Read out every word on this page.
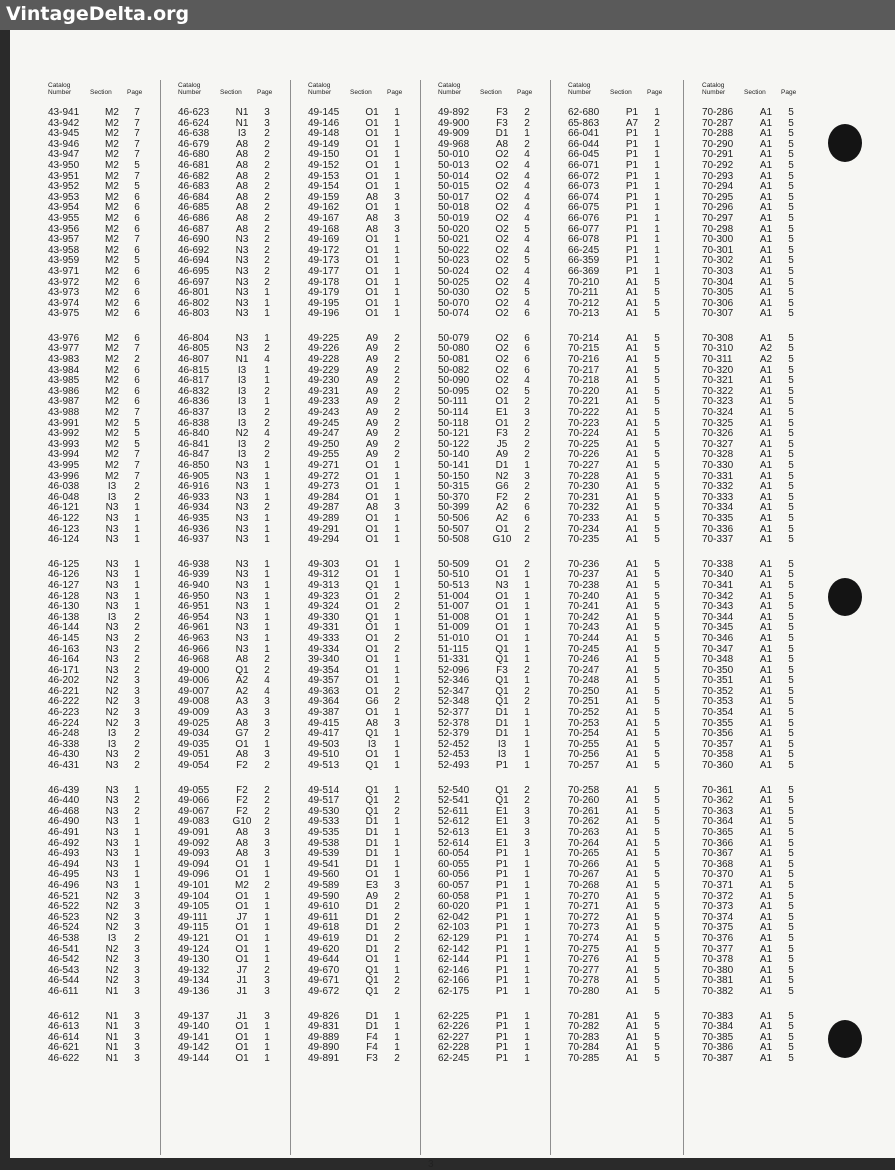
VintageDelta.org
Catalog Number	Section Page
43-941	M2	7
43-942	M2	7
43-945	M2	7
43-946	M2	7
43-947	M2	7
43-950	M2	5
43-951	M2	7
43-952	M2	5
43-953	M2	6
43-954	M2	6
43-955	M2	6
43-956	M2	6
43-957	M2	7
43-958	M2	6
43-959	M2	5
43-971	M2	6
43-972	M2	6
43-973	M2	6
43-974	M2	6
43-975	M2	6
43-976	M2	6
43-977	M2	7
43-983	M2	2
43-984	M2	6
43-985	M2	6
43-986	M2	6
43-987	M2	6
43-988	M2	7
43-991	M2	5
43-992	M2	5
43-993	M2	5
43-994	M2	7
43-995	M2	7
43-996	M2	7
46-038	I3	2
46-048	I3	2
46-121	N3	1
46-122	N3	1
46-123	N3	1
46-124	N3	1
46-125	N3	1
46-126	N3	1
46-127	N3	1
46-128	N3	1
46-130	N3	1
46-138	I3	2
46-144	N3	2
46-145	N3	2
46-163	N3	2
46-164	N3	2
46-171	N3	2
46-202	N2	3
46-221	N2	3
46-222	N2	3
46-223	N2	3
46-224	N2	3
46-248	I3	2
46-338	I3	2
46-430	N3	2
46-431	N3	2
46-439	N3	1
46-440	N3	2
46-468	N3	2
46-490	N3	1
46-491	N3	1
46-492	N3	1
46-493	N3	1
46-494	N3	1
46-495	N3	1
46-496	N3	1
46-521	N2	3
46-522	N2	3
46-523	N2	3
46-524	N2	3
46-538	I3	2
46-541	N2	3
46-542	N2	3
46-543	N2	3
46-544	N2	3
46-611	N1	3
46-612	N1	3
46-613	N1	3
46-614	N1	3
46-621	N1	3
46-622	N1	3
Catalog Number	Section Page
46-623	N1	3
46-624	N1	3
46-638	I3	2
46-679	A8	2
46-680	A8	2
46-681	A8	2
46-682	A8	2
46-683	A8	2
46-684	A8	2
46-685	A8	2
46-686	A8	2
46-687	A8	2
46-690	N3	2
46-692	N3	2
46-694	N3	2
46-695	N3	2
46-697	N3	2
46-801	N3	1
46-802	N3	1
46-803	N3	1
46-804	N3	1
46-805	N3	2
46-807	N1	4
46-815	I3	1
46-817	I3	1
46-832	I3	2
46-836	I3	1
46-837	I3	2
46-838	I3	2
46-840	N2	4
46-841	I3	2
46-847	I3	2
46-850	N3	1
46-905	N3	1
46-916	N3	1
46-933	N3	1
46-934	N3	2
46-935	N3	1
46-936	N3	1
46-937	N3	1
46-938	N3	1
46-939	N3	1
46-940	N3	1
46-950	N3	1
46-951	N3	1
46-954	N3	1
46-961	N3	1
46-963	N3	1
46-966	N3	1
46-968	A8	2
49-000	Q1	2
49-006	A2	4
49-007	A2	4
49-008	A3	3
49-009	A3	3
49-025	A8	3
49-034	G7	2
49-035	O1	1
49-051	A8	3
49-054	F2	2
49-055	F2	2
49-066	F2	2
49-067	F2	2
49-083	G10	2
49-091	A8	3
49-092	A8	3
49-093	A8	3
49-094	O1	1
49-096	O1	1
49-101	M2	2
49-104	O1	1
49-105	O1	1
49-111	J7	1
49-115	O1	1
49-121	O1	1
49-124	O1	1
49-130	O1	1
49-132	J7	2
49-134	J1	3
49-136	J1	3
49-137	J1	3
49-140	O1	1
49-141	O1	1
49-142	O1	1
49-144	O1	1
Catalog Number	Section Page
49-145	O1	1
49-146	O1	1
49-148	O1	1
49-149	O1	1
49-150	O1	1
49-152	O1	1
49-153	O1	1
49-154	O1	1
49-159	A8	3
49-162	O1	1
49-167	A8	3
49-168	A8	3
49-169	O1	1
49-172	O1	1
49-173	O1	1
49-177	O1	1
49-178	O1	1
49-179	O1	1
49-195	O1	1
49-196	O1	1
49-225	A9	2
49-226	A9	2
49-228	A9	2
49-229	A9	2
49-230	A9	2
49-231	A9	2
49-233	A9	2
49-243	A9	2
49-245	A9	2
49-247	A9	2
49-250	A9	2
49-255	A9	2
49-271	O1	1
49-272	O1	1
49-273	O1	1
49-284	O1	1
49-287	A8	3
49-289	O1	1
49-291	O1	1
49-294	O1	1
49-303	O1	1
49-312	O1	1
49-313	Q1	1
49-323	O1	2
49-324	O1	2
49-330	Q1	1
49-331	O1	1
49-333	O1	2
49-334	O1	2
39-340	O1	1
49-354	O1	1
49-357	O1	1
49-363	O1	2
49-364	G6	2
49-387	O1	1
49-415	A8	3
49-417	Q1	1
49-503	I3	1
49-510	O1	1
49-513	Q1	1
49-514	Q1	1
49-517	Q1	2
49-530	Q1	2
49-533	D1	1
49-535	D1	1
49-538	D1	1
49-539	D1	1
49-541	D1	1
49-560	O1	1
49-589	E3	3
49-590	A9	2
49-610	D1	2
49-611	D1	2
49-618	D1	2
49-619	D1	2
49-620	D1	2
49-644	O1	1
49-670	Q1	1
49-671	Q1	2
49-672	Q1	2
49-826	D1	1
49-831	D1	1
49-889	F4	1
49-890	F4	1
49-891	F3	2
Catalog Number	Section Page
49-892	F3	2
49-900	F3	2
49-909	D1	1
49-968	A8	2
50-010	O2	4
50-013	O2	4
50-014	O2	4
50-015	O2	4
50-017	O2	4
50-018	O2	4
50-019	O2	4
50-020	O2	5
50-021	O2	4
50-022	O2	4
50-023	O2	5
50-024	O2	4
50-025	O2	4
50-030	O2	5
50-070	O2	4
50-074	O2	6
50-079	O2	6
50-080	O2	6
50-081	O2	6
50-082	O2	6
50-090	O2	4
50-095	O2	5
50-111	O1	2
50-114	E1	3
50-118	O1	2
50-121	F3	2
50-122	J5	2
50-140	A9	2
50-141	D1	1
50-150	N2	3
50-315	G6	2
50-370	F2	2
50-399	A2	6
50-506	A2	6
50-507	O1	2
50-508	G10	2
50-509	O1	2
50-510	O1	1
50-513	N3	1
51-004	O1	1
51-007	O1	1
51-008	O1	1
51-009	O1	1
51-010	O1	1
51-115	Q1	1
51-331	Q1	1
52-096	F3	2
52-346	Q1	1
52-347	Q1	2
52-348	Q1	2
52-377	D1	1
52-378	D1	1
52-379	D1	1
52-452	I3	1
52-453	I3	1
52-493	P1	1
52-540	Q1	2
52-541	Q1	2
52-611	E1	3
52-612	E1	3
52-613	E1	3
52-614	E1	3
60-054	P1	1
60-055	P1	1
60-056	P1	1
60-057	P1	1
60-058	P1	1
60-020	P1	1
62-042	P1	1
62-103	P1	1
62-129	P1	1
62-142	P1	1
62-144	P1	1
62-146	P1	1
62-166	P1	1
62-175	P1	1
62-225	P1	1
62-226	P1	1
62-227	P1	1
62-228	P1	1
62-245	P1	1
Catalog Number	Section Page
62-680	P1	1
65-863	A7	2
66-041	P1	1
66-044	P1	1
66-045	P1	1
66-071	P1	1
66-072	P1	1
66-073	P1	1
66-074	P1	1
66-075	P1	1
66-076	P1	1
66-077	P1	1
66-078	P1	1
66-245	P1	1
66-359	P1	1
66-369	P1	1
70-210	A1	5
70-211	A1	5
70-212	A1	5
70-213	A1	5
70-214	A1	5
70-215	A1	5
70-216	A1	5
70-217	A1	5
70-218	A1	5
70-220	A1	5
70-221	A1	5
70-222	A1	5
70-223	A1	5
70-224	A1	5
70-225	A1	5
70-226	A1	5
70-227	A1	5
70-228	A1	5
70-230	A1	5
70-231	A1	5
70-232	A1	5
70-233	A1	5
70-234	A1	5
70-235	A1	5
70-236	A1	5
70-237	A1	5
70-238	A1	5
70-240	A1	5
70-241	A1	5
70-242	A1	5
70-243	A1	5
70-244	A1	5
70-245	A1	5
70-246	A1	5
70-247	A1	5
70-248	A1	5
70-250	A1	5
70-251	A1	5
70-252	A1	5
70-253	A1	5
70-254	A1	5
70-255	A1	5
70-256	A1	5
70-257	A1	5
70-258	A1	5
70-260	A1	5
70-261	A1	5
70-262	A1	5
70-263	A1	5
70-264	A1	5
70-265	A1	5
70-266	A1	5
70-267	A1	5
70-268	A1	5
70-270	A1	5
70-271	A1	5
70-272	A1	5
70-273	A1	5
70-274	A1	5
70-275	A1	5
70-276	A1	5
70-277	A1	5
70-278	A1	5
70-280	A1	5
70-281	A1	5
70-282	A1	5
70-283	A1	5
70-284	A1	5
70-285	A1	5
Catalog Number	Section Page
70-286	A1	5
70-287	A1	5
70-288	A1	5
70-290	A1	5
70-291	A1	5
70-292	A1	5
70-293	A1	5
70-294	A1	5
70-295	A1	5
70-296	A1	5
70-297	A1	5
70-298	A1	5
70-300	A1	5
70-301	A1	5
70-302	A1	5
70-303	A1	5
70-304	A1	5
70-305	A1	5
70-306	A1	5
70-307	A1	5
70-308	A1	5
70-310	A2	5
70-311	A2	5
70-320	A1	5
70-321	A1	5
70-322	A1	5
70-323	A1	5
70-324	A1	5
70-325	A1	5
70-326	A1	5
70-327	A1	5
70-328	A1	5
70-330	A1	5
70-331	A1	5
70-332	A1	5
70-333	A1	5
70-334	A1	5
70-335	A1	5
70-336	A1	5
70-337	A1	5
70-338	A1	5
70-340	A1	5
70-341	A1	5
70-342	A1	5
70-343	A1	5
70-344	A1	5
70-345	A1	5
70-346	A1	5
70-347	A1	5
70-348	A1	5
70-350	A1	5
70-351	A1	5
70-352	A1	5
70-353	A1	5
70-354	A1	5
70-355	A1	5
70-356	A1	5
70-357	A1	5
70-358	A1	5
70-360	A1	5
70-361	A1	5
70-362	A1	5
70-363	A1	5
70-364	A1	5
70-365	A1	5
70-366	A1	5
70-367	A1	5
70-368	A1	5
70-370	A1	5
70-371	A1	5
70-372	A1	5
70-373	A1	5
70-374	A1	5
70-375	A1	5
70-376	A1	5
70-377	A1	5
70-378	A1	5
70-380	A1	5
70-381	A1	5
70-382	A1	5
70-383	A1	5
70-384	A1	5
70-385	A1	5
70-386	A1	5
70-387	A1	5
3
